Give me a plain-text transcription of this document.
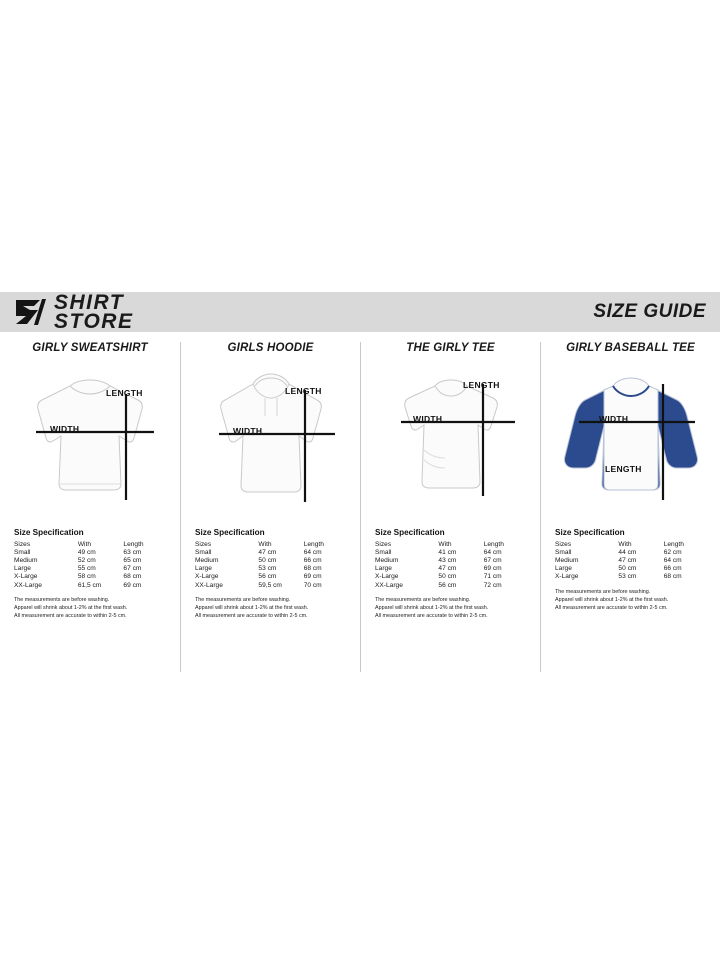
SHIRT
STORE	SIZE GUIDE
GIRLY SWEATSHIRT
LENGTH
WIDTH
Size Specification
Sizes	With	Length
Small	49 cm	63 cm
Medium	52 cm	65 cm
Large	55 cm	67 cm
X-Large	58 cm	68 cm
XX-Large	61,5 cm	69 cm
The measurements are before washing.
Apparel will shrink about 1-2% at the first wash.
All measurement are accurate to within 2-5 cm.
GIRLS HOODIE
LENGTH
WIDTH
Size Specification
Sizes	With	Length
Small	47 cm	64 cm
Medium	50 cm	66 cm
Large	53 cm	68 cm
X-Large	56 cm	69 cm
XX-Large	59,5 cm	70 cm
The measurements are before washing.
Apparel will shrink about 1-2% at the first wash.
All measurement are accurate to within 2-5 cm.
THE GIRLY TEE
LENGTH
WIDTH
Size Specification
Sizes	With	Length
Small	41 cm	64 cm
Medium	43 cm	67 cm
Large	47 cm	69 cm
X-Large	50 cm	71 cm
XX-Large	56 cm	72 cm
The measurements are before washing.
Apparel will shrink about 1-2% at the first wash.
All measurement are accurate to within 2-5 cm.
GIRLY BASEBALL TEE
WIDTH
LENGTH
Size Specification
Sizes	With	Length
Small	44 cm	62 cm
Medium	47 cm	64 cm
Large	50 cm	66 cm
X-Large	53 cm	68 cm
The measurements are before washing.
Apparel will shrink about 1-2% at the first wash.
All measurement are accurate to within 2-5 cm.
